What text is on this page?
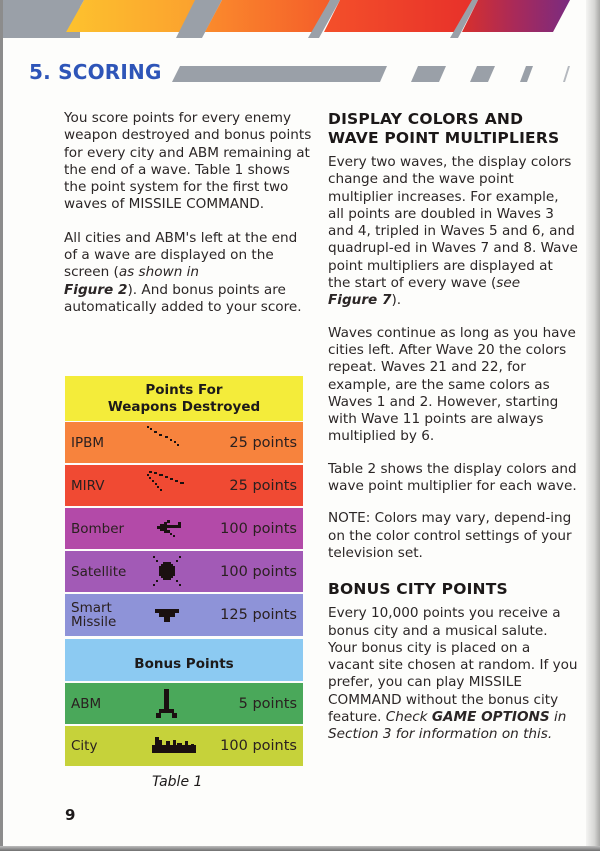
5. SCORING

You score points for every enemy weapon destroyed and bonus points for every city and ABM remaining at the end of a wave. Table 1 shows the point system for the first two waves of MISSILE COMMAND.

All cities and ABM's left at the end of a wave are displayed on the screen (as shown in
Figure 2). And bonus points are automatically added to your score.

Points For
Weapons Destroyed
IPBM	25 points
MIRV	25 points
Bomber	100 points
Satellite	100 points
Smart
Missile	125 points
Bonus Points
ABM	5 points
City	100 points
Table 1
DISPLAY COLORS AND
WAVE POINT MULTIPLIERS

Every two waves, the display colors change and the wave point multiplier increases. For example, all points are doubled in Waves 3 and 4, tripled in Waves 5 and 6, and quadrupl-ed in Waves 7 and 8. Wave point multipliers are displayed at the start of every wave (see
Figure 7).

Waves continue as long as you have cities left. After Wave 20 the colors repeat. Waves 21 and 22, for example, are the same colors as Waves 1 and 2. However, starting with Wave 11 points are always multiplied by 6.

Table 2 shows the display colors and wave point multiplier for each wave.

NOTE: Colors may vary, depend-ing on the color control settings of your television set.

BONUS CITY POINTS

Every 10,000 points you receive a bonus city and a musical salute. Your bonus city is placed on a vacant site chosen at random. If you prefer, you can play MISSILE COMMAND without the bonus city feature. Check GAME OPTIONS in Section 3 for information on this.

9
